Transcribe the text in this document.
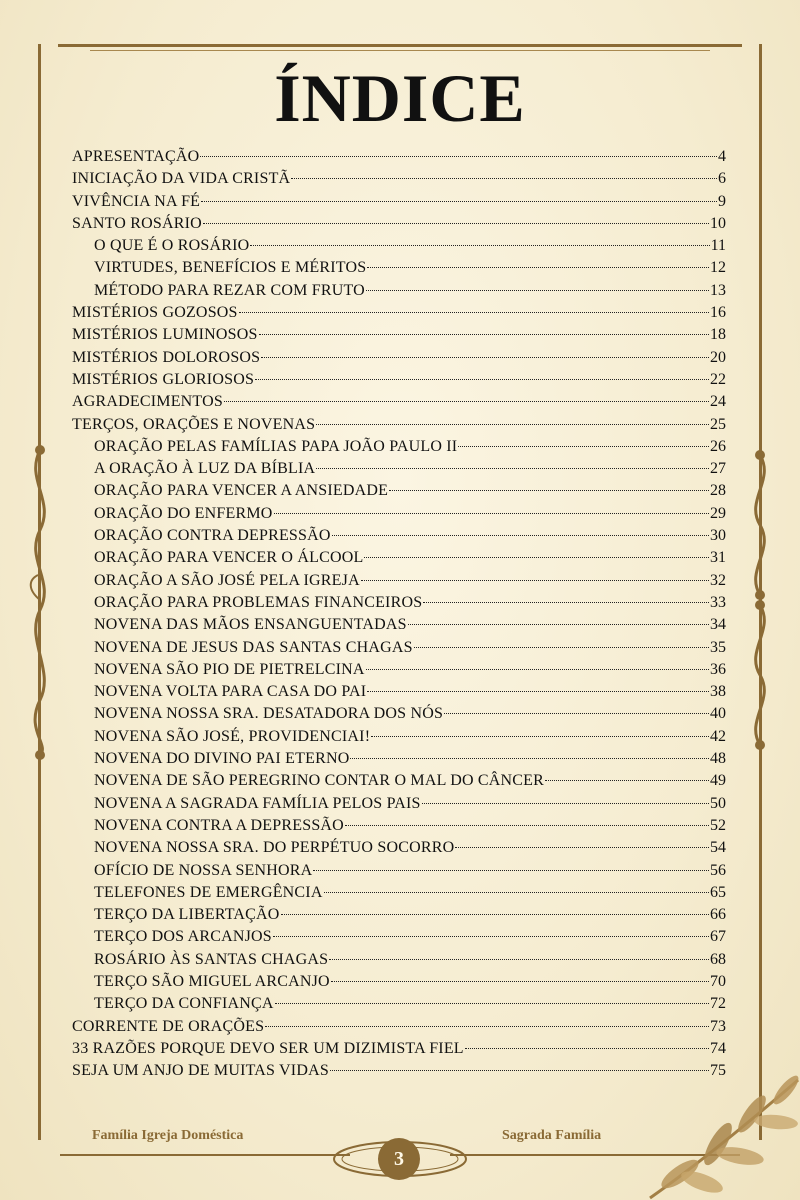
ÍNDICE
APRESENTAÇÃO	4
INICIAÇÃO DA VIDA CRISTÃ	6
VIVÊNCIA NA FÉ	9
SANTO ROSÁRIO	10
O QUE É O ROSÁRIO	11
VIRTUDES, BENEFÍCIOS E MÉRITOS	12
MÉTODO PARA REZAR COM FRUTO	13
MISTÉRIOS GOZOSOS	16
MISTÉRIOS LUMINOSOS	18
MISTÉRIOS DOLOROSOS	20
MISTÉRIOS GLORIOSOS	22
AGRADECIMENTOS	24
TERÇOS, ORAÇÕES E NOVENAS	25
ORAÇÃO PELAS FAMÍLIAS PAPA JOÃO PAULO II	26
A ORAÇÃO À LUZ DA BÍBLIA	27
ORAÇÃO PARA VENCER A ANSIEDADE	28
ORAÇÃO DO ENFERMO	29
ORAÇÃO CONTRA DEPRESSÃO	30
ORAÇÃO PARA VENCER O ÁLCOOL	31
ORAÇÃO A SÃO JOSÉ PELA IGREJA	32
ORAÇÃO PARA PROBLEMAS FINANCEIROS	33
NOVENA DAS MÃOS ENSANGUENTADAS	34
NOVENA DE JESUS DAS SANTAS CHAGAS	35
NOVENA SÃO PIO DE PIETRELCINA	36
NOVENA VOLTA PARA CASA DO PAI	38
NOVENA NOSSA SRA. DESATADORA DOS NÓS	40
NOVENA SÃO JOSÉ, PROVIDENCIAI!	42
NOVENA DO DIVINO PAI ETERNO	48
NOVENA DE SÃO PEREGRINO CONTAR O MAL DO CÂNCER	49
NOVENA A SAGRADA FAMÍLIA PELOS PAIS	50
NOVENA CONTRA A DEPRESSÃO	52
NOVENA NOSSA SRA. DO PERPÉTUO SOCORRO	54
OFÍCIO DE NOSSA SENHORA	56
TELEFONES DE EMERGÊNCIA	65
TERÇO DA LIBERTAÇÃO	66
TERÇO DOS ARCANJOS	67
ROSÁRIO ÀS SANTAS CHAGAS	68
TERÇO SÃO MIGUEL ARCANJO	70
TERÇO DA CONFIANÇA	72
CORRENTE DE ORAÇÕES	73
33 RAZÕES PORQUE DEVO SER UM DIZIMISTA FIEL	74
SEJA UM ANJO DE MUITAS VIDAS	75
Família Igreja Doméstica	Sagrada Família
3
